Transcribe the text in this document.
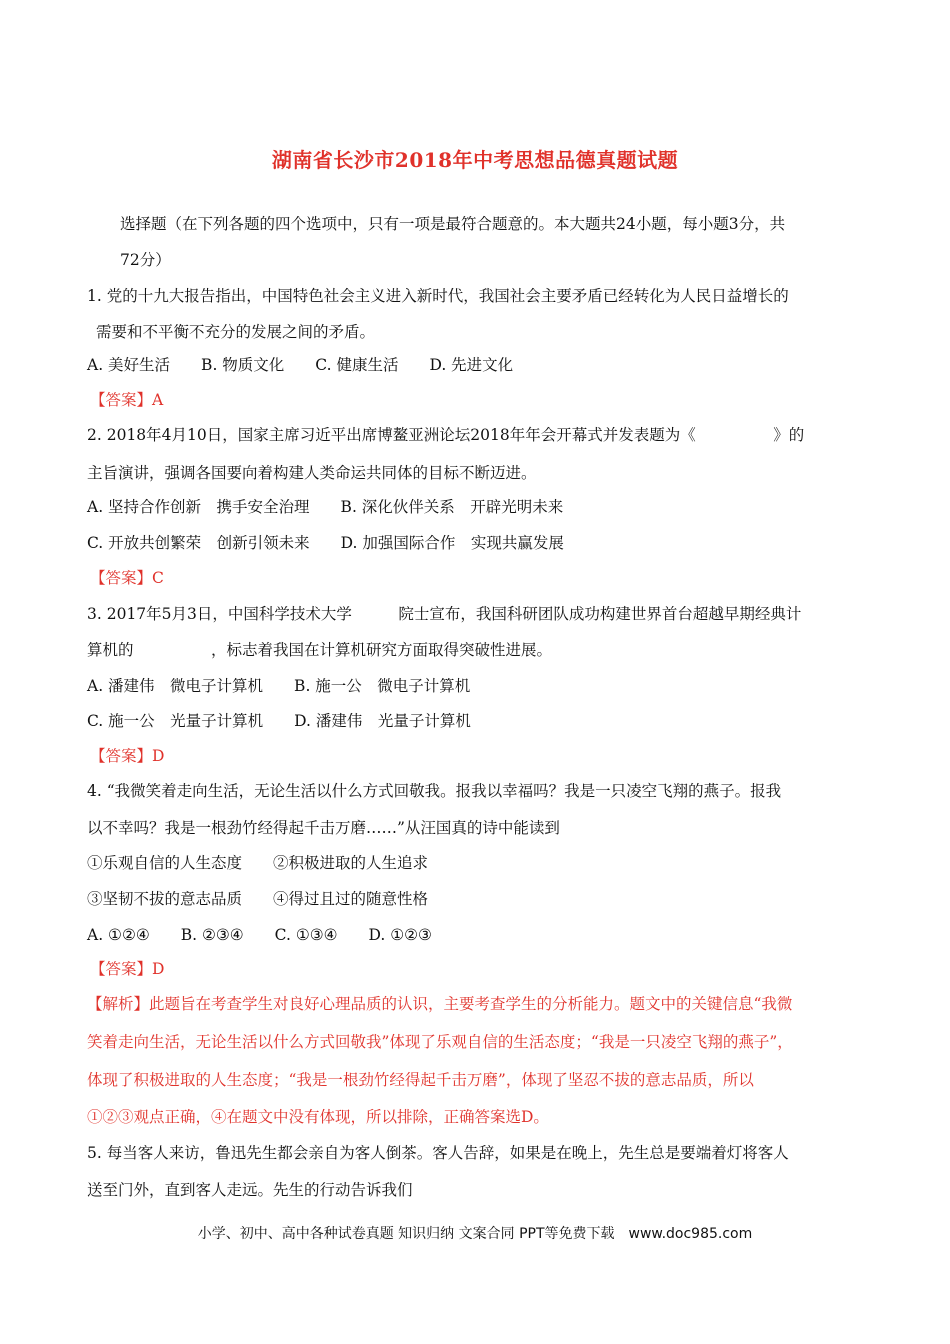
湖南省长沙市2018年中考思想品德真题试题
选择题（在下列各题的四个选项中，只有一项是最符合题意的。本大题共24小题，每小题3分，共
72分）
1. 党的十九大报告指出，中国特色社会主义进入新时代，我国社会主要矛盾已经转化为人民日益增长的
需要和不平衡不充分的发展之间的矛盾。
A. 美好生活　　B. 物质文化　　C. 健康生活　　D. 先进文化
【答案】A
2. 2018年4月10日，国家主席习近平出席博鳌亚洲论坛2018年年会开幕式并发表题为《　　　　　》的
主旨演讲，强调各国要向着构建人类命运共同体的目标不断迈进。
A. 坚持合作创新　携手安全治理　　B. 深化伙伴关系　开辟光明未来
C. 开放共创繁荣　创新引领未来　　D. 加强国际合作　实现共赢发展
【答案】C
3. 2017年5月3日，中国科学技术大学　　　院士宣布，我国科研团队成功构建世界首台超越早期经典计
算机的　　　　　，标志着我国在计算机研究方面取得突破性进展。
A. 潘建伟　微电子计算机　　B. 施一公　微电子计算机
C. 施一公　光量子计算机　　D. 潘建伟　光量子计算机
【答案】D
4. “我微笑着走向生活，无论生活以什么方式回敬我。报我以幸福吗？我是一只凌空飞翔的燕子。报我
以不幸吗？我是一根劲竹经得起千击万磨……”从汪国真的诗中能读到
①乐观自信的人生态度　　②积极进取的人生追求
③坚韧不拔的意志品质　　④得过且过的随意性格
A. ①②④　　B. ②③④　　C. ①③④　　D. ①②③
【答案】D
【解析】此题旨在考查学生对良好心理品质的认识，主要考查学生的分析能力。题文中的关键信息“我微
笑着走向生活，无论生活以什么方式回敬我”体现了乐观自信的生活态度；“我是一只凌空飞翔的燕子”，
体现了积极进取的人生态度；“我是一根劲竹经得起千击万磨”，体现了坚忍不拔的意志品质，所以
①②③观点正确，④在题文中没有体现，所以排除，正确答案选D。
5. 每当客人来访，鲁迅先生都会亲自为客人倒茶。客人告辞，如果是在晚上，先生总是要端着灯将客人
送至门外，直到客人走远。先生的行动告诉我们
小学、初中、高中各种试卷真题 知识归纳 文案合同 PPT等免费下载　www.doc985.com
